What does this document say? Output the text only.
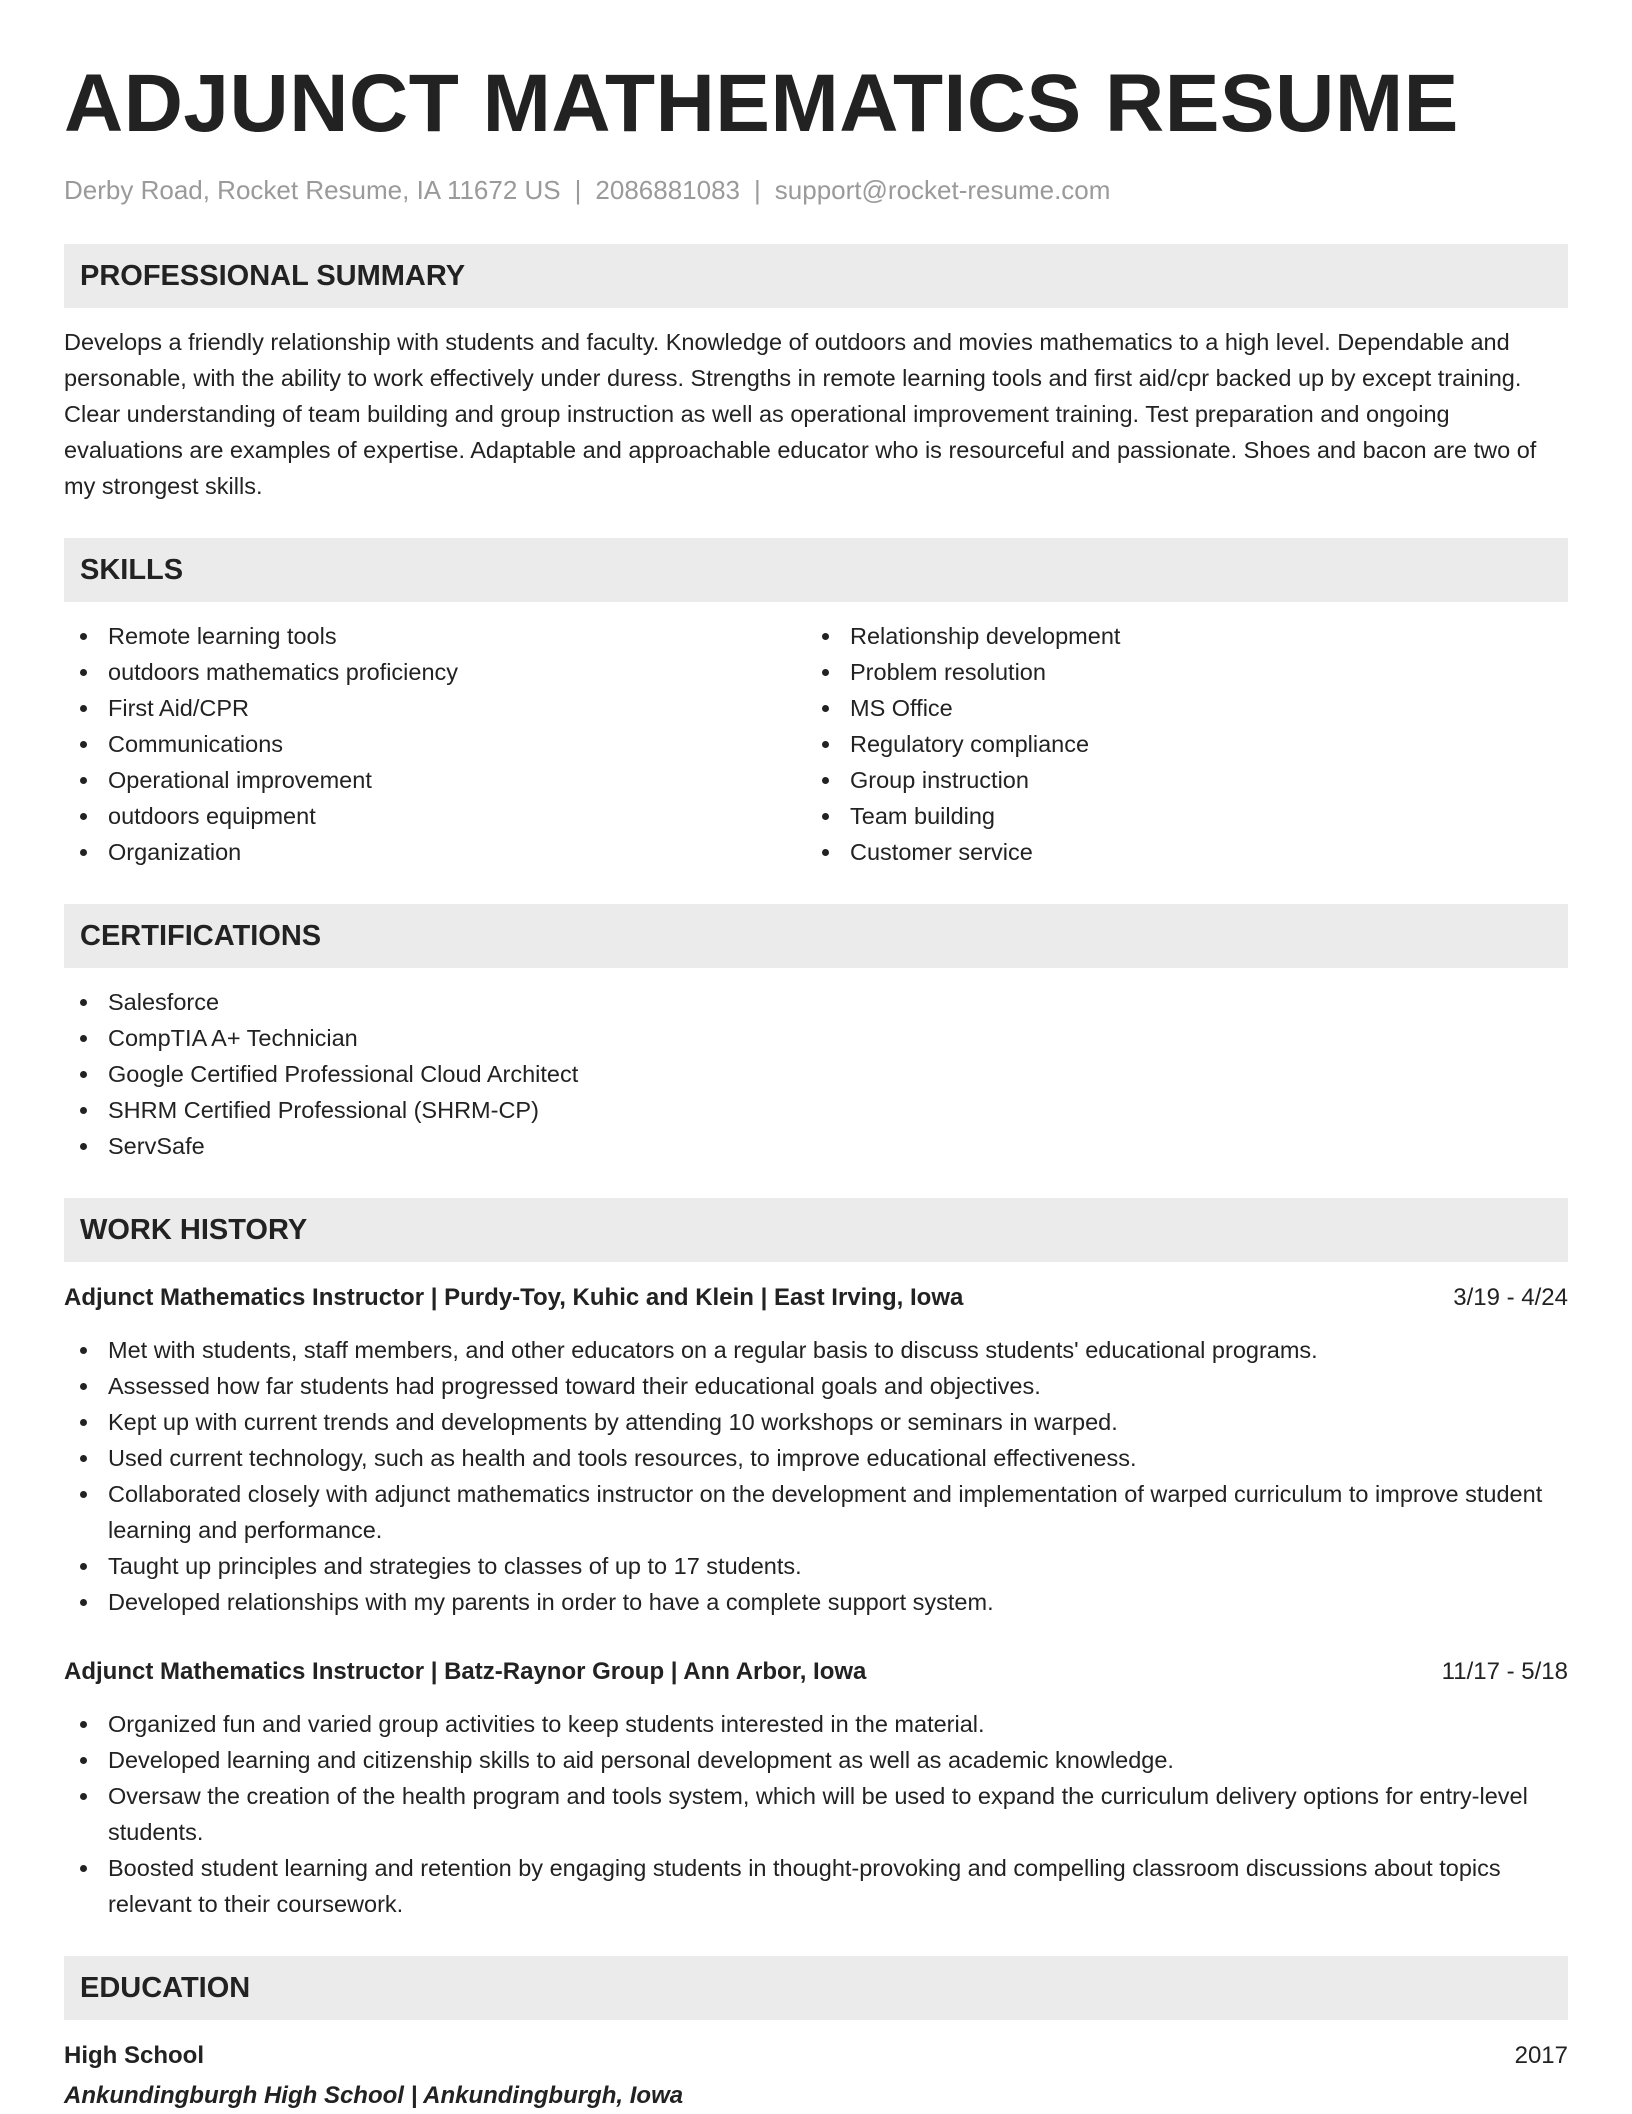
ADJUNCT MATHEMATICS RESUME
Derby Road, Rocket Resume, IA 11672 US | 2086881083 | support@rocket-resume.com
PROFESSIONAL SUMMARY

Develops a friendly relationship with students and faculty. Knowledge of outdoors and movies mathematics to a high level. Dependable and personable, with the ability to work effectively under duress. Strengths in remote learning tools and first aid/cpr backed up by except training. Clear understanding of team building and group instruction as well as operational improvement training. Test preparation and ongoing evaluations are examples of expertise. Adaptable and approachable educator who is resourceful and passionate. Shoes and bacon are two of my strongest skills.

SKILLS
Remote learning tools
outdoors mathematics proficiency
First Aid/CPR
Communications
Operational improvement
outdoors equipment
Organization
Relationship development
Problem resolution
MS Office
Regulatory compliance
Group instruction
Team building
Customer service
CERTIFICATIONS
Salesforce
CompTIA A+ Technician
Google Certified Professional Cloud Architect
SHRM Certified Professional (SHRM-CP)
ServSafe
WORK HISTORY
Adjunct Mathematics Instructor | Purdy-Toy, Kuhic and Klein | East Irving, Iowa	3/19 - 4/24
Met with students, staff members, and other educators on a regular basis to discuss students' educational programs.
Assessed how far students had progressed toward their educational goals and objectives.
Kept up with current trends and developments by attending 10 workshops or seminars in warped.
Used current technology, such as health and tools resources, to improve educational effectiveness.
Collaborated closely with adjunct mathematics instructor on the development and implementation of warped curriculum to improve student learning and performance.
Taught up principles and strategies to classes of up to 17 students.
Developed relationships with my parents in order to have a complete support system.
Adjunct Mathematics Instructor | Batz-Raynor Group | Ann Arbor, Iowa	11/17 - 5/18
Organized fun and varied group activities to keep students interested in the material.
Developed learning and citizenship skills to aid personal development as well as academic knowledge.
Oversaw the creation of the health program and tools system, which will be used to expand the curriculum delivery options for entry-level students.
Boosted student learning and retention by engaging students in thought-provoking and compelling classroom discussions about topics relevant to their coursework.
EDUCATION
High School	2017
Ankundingburgh High School | Ankundingburgh, Iowa
